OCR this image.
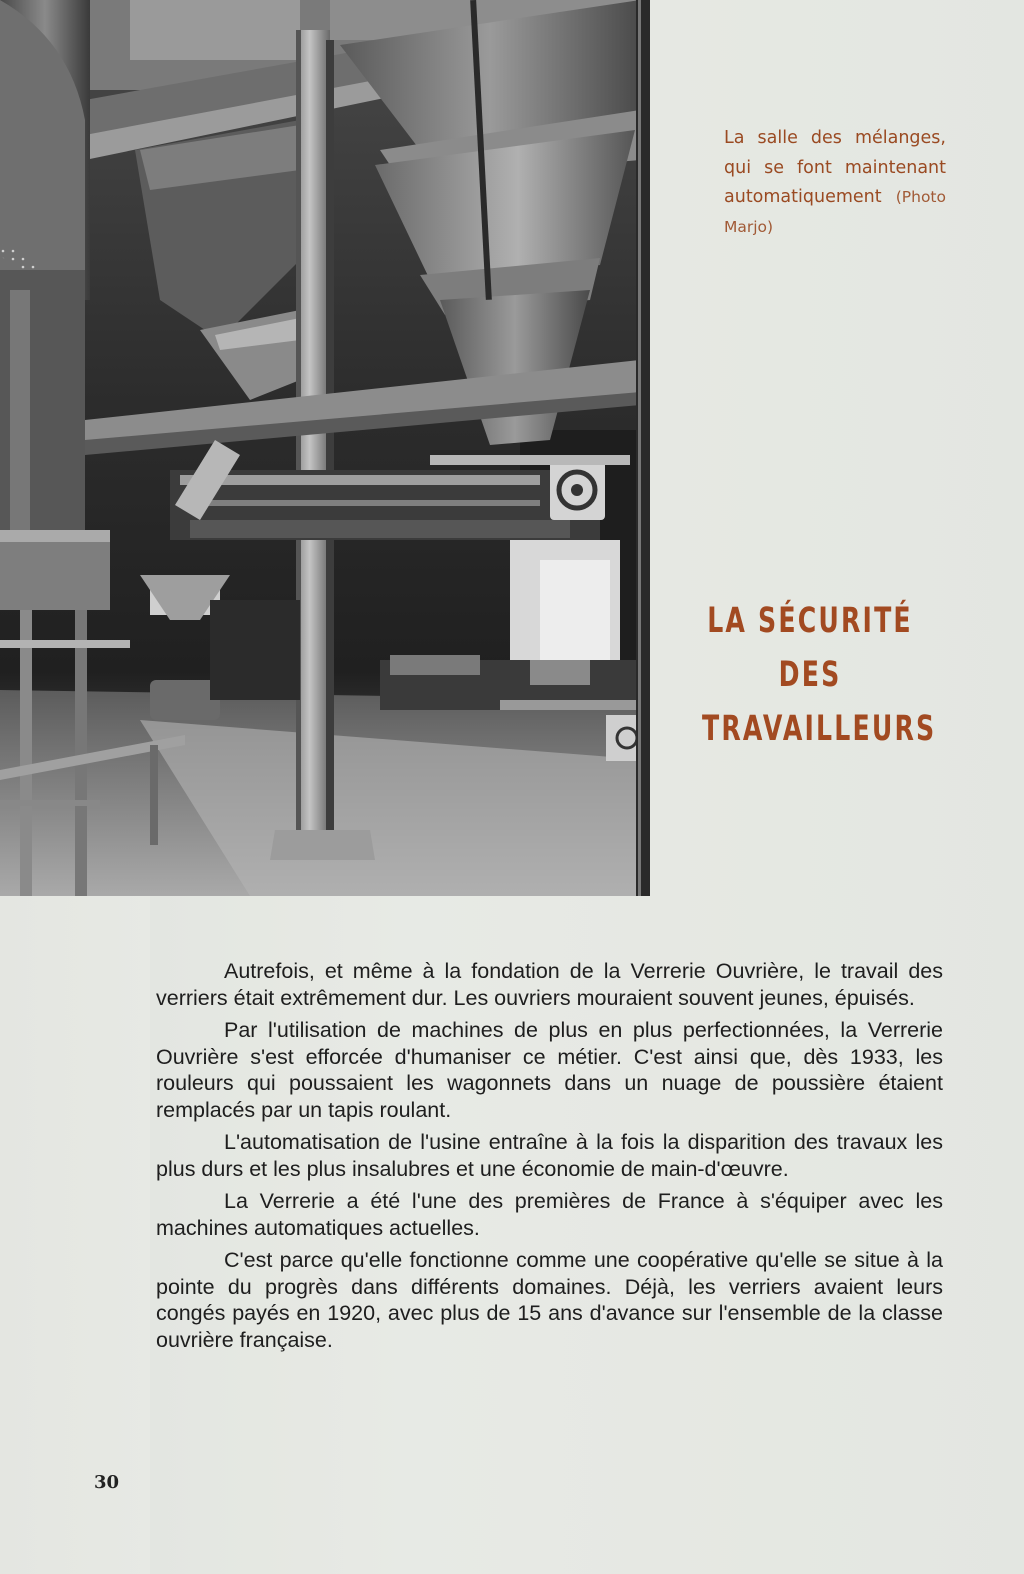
La salle des mélanges, qui se font maintenant automatiquement (Photo Marjo)

LA SÉCURITÉ
DES
TRAVAILLEURS

Autrefois, et même à la fondation de la Verrerie Ouvrière, le travail des verriers était extrêmement dur. Les ouvriers mouraient souvent jeunes, épuisés.

Par l'utilisation de machines de plus en plus perfectionnées, la Verrerie Ouvrière s'est efforcée d'humaniser ce métier. C'est ainsi que, dès 1933, les rouleurs qui poussaient les wagonnets dans un nuage de poussière étaient remplacés par un tapis roulant.

L'automatisation de l'usine entraîne à la fois la disparition des travaux les plus durs et les plus insalubres et une économie de main-d'œuvre.

La Verrerie a été l'une des premières de France à s'équiper avec les machines automatiques actuelles.

C'est parce qu'elle fonctionne comme une coopérative qu'elle se situe à la pointe du progrès dans différents domaines. Déjà, les verriers avaient leurs congés payés en 1920, avec plus de 15 ans d'avance sur l'ensemble de la classe ouvrière française.

30
